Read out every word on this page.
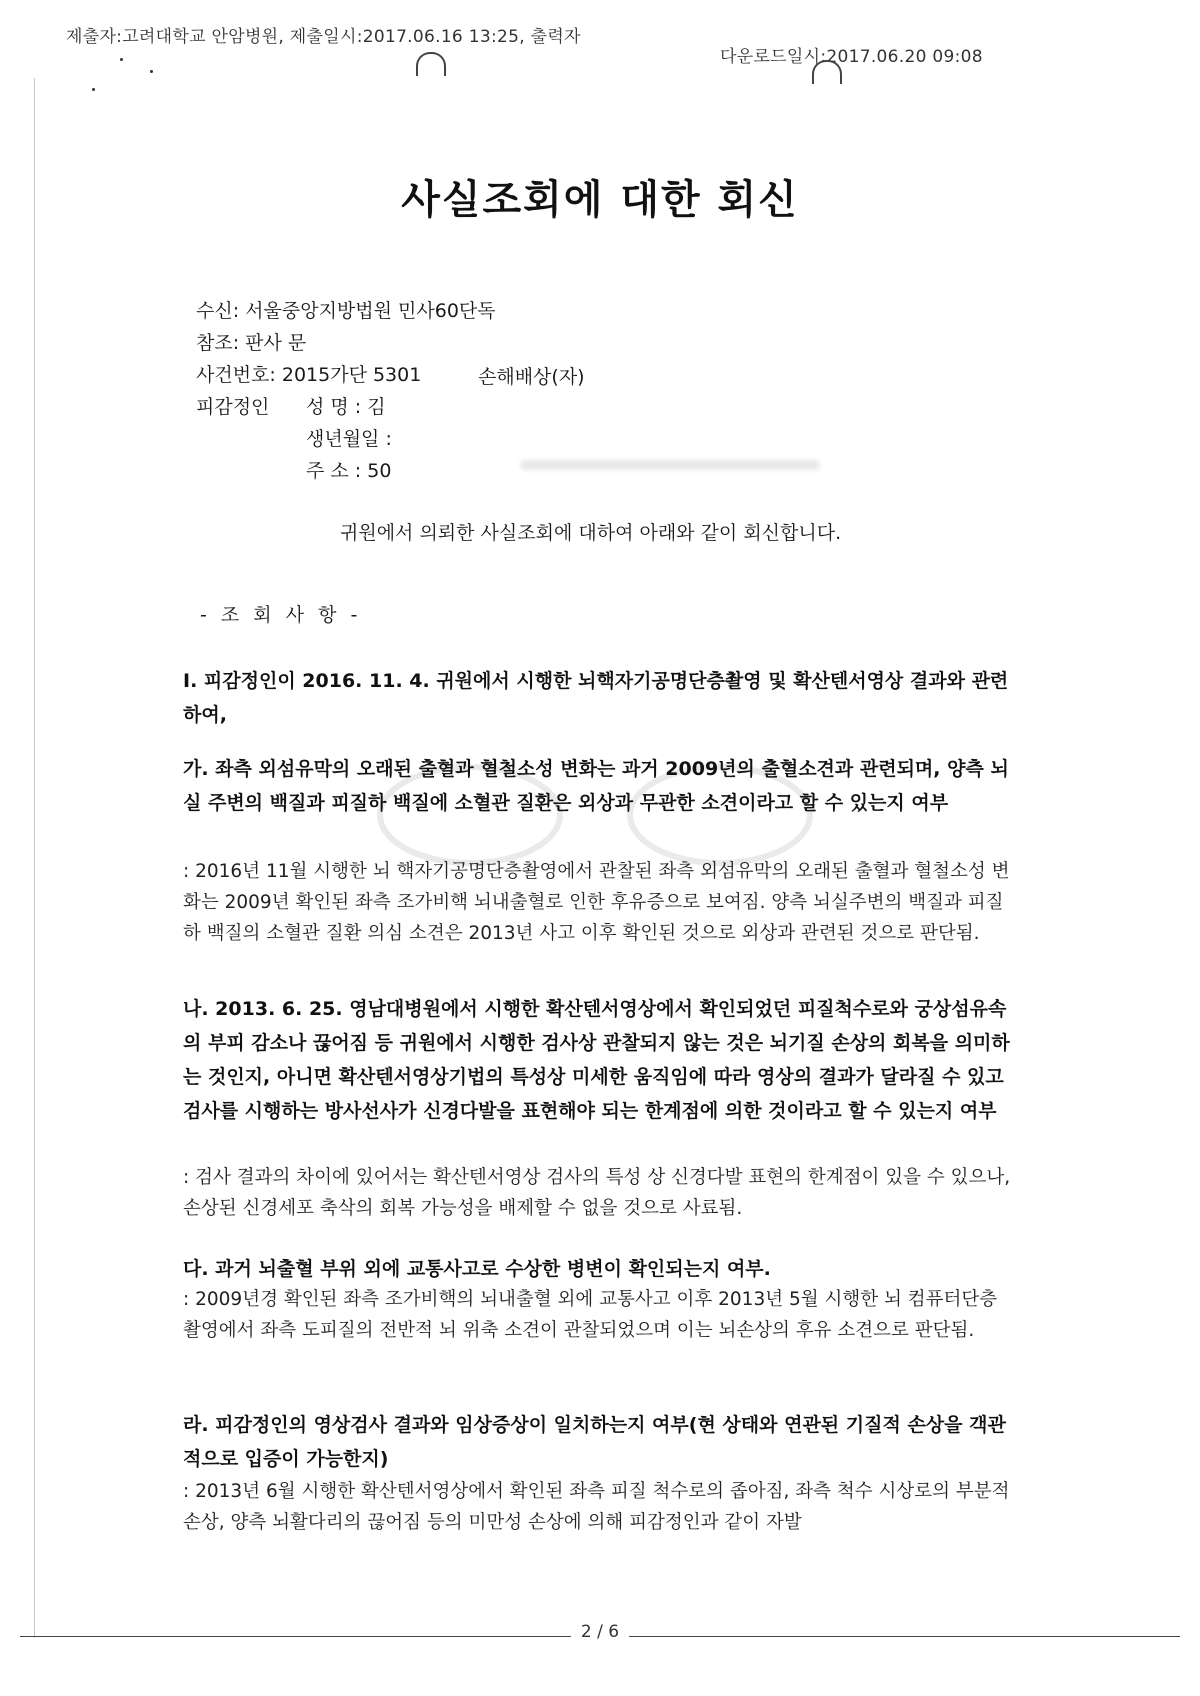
제출자:고려대학교 안암병원, 제출일시:2017.06.16 13:25, 출력자
다운로드일시:2017.06.20 09:08
사실조회에 대한 회신
수신: 서울중앙지방법원 민사60단독
참조: 판사 문
사건번호: 2015가단 5301	손해배상(자)
피감정인 성 명 : 김
생년월일 :
주 소 : 50
귀원에서 의뢰한 사실조회에 대하여 아래와 같이 회신합니다.
- 조 회 사 항 -
I. 피감정인이 2016. 11. 4. 귀원에서 시행한 뇌핵자기공명단층촬영 및 확산텐서영상 결과와 관련하여,
가. 좌측 외섬유막의 오래된 출혈과 혈철소성 변화는 과거 2009년의 출혈소견과 관련되며, 양측 뇌실 주변의 백질과 피질하 백질에 소혈관 질환은 외상과 무관한 소견이라고 할 수 있는지 여부
: 2016년 11월 시행한 뇌 핵자기공명단층촬영에서 관찰된 좌측 외섬유막의 오래된 출혈과 혈철소성 변화는 2009년 확인된 좌측 조가비핵 뇌내출혈로 인한 후유증으로 보여짐. 양측 뇌실주변의 백질과 피질하 백질의 소혈관 질환 의심 소견은 2013년 사고 이후 확인된 것으로 외상과 관련된 것으로 판단됨.
나. 2013. 6. 25. 영남대병원에서 시행한 확산텐서영상에서 확인되었던 피질척수로와 궁상섬유속의 부피 감소나 끊어짐 등 귀원에서 시행한 검사상 관찰되지 않는 것은 뇌기질 손상의 회복을 의미하는 것인지, 아니면 확산텐서영상기법의 특성상 미세한 움직임에 따라 영상의 결과가 달라질 수 있고 검사를 시행하는 방사선사가 신경다발을 표현해야 되는 한계점에 의한 것이라고 할 수 있는지 여부
: 검사 결과의 차이에 있어서는 확산텐서영상 검사의 특성 상 신경다발 표현의 한계점이 있을 수 있으나, 손상된 신경세포 축삭의 회복 가능성을 배제할 수 없을 것으로 사료됨.
다. 과거 뇌출혈 부위 외에 교통사고로 수상한 병변이 확인되는지 여부.
: 2009년경 확인된 좌측 조가비핵의 뇌내출혈 외에 교통사고 이후 2013년 5월 시행한 뇌 컴퓨터단층촬영에서 좌측 도피질의 전반적 뇌 위축 소견이 관찰되었으며 이는 뇌손상의 후유 소견으로 판단됨.
라. 피감정인의 영상검사 결과와 임상증상이 일치하는지 여부(현 상태와 연관된 기질적 손상을 객관적으로 입증이 가능한지)
: 2013년 6월 시행한 확산텐서영상에서 확인된 좌측 피질 척수로의 좁아짐, 좌측 척수 시상로의 부분적 손상, 양측 뇌활다리의 끊어짐 등의 미만성 손상에 의해 피감정인과 같이 자발
2 / 6
